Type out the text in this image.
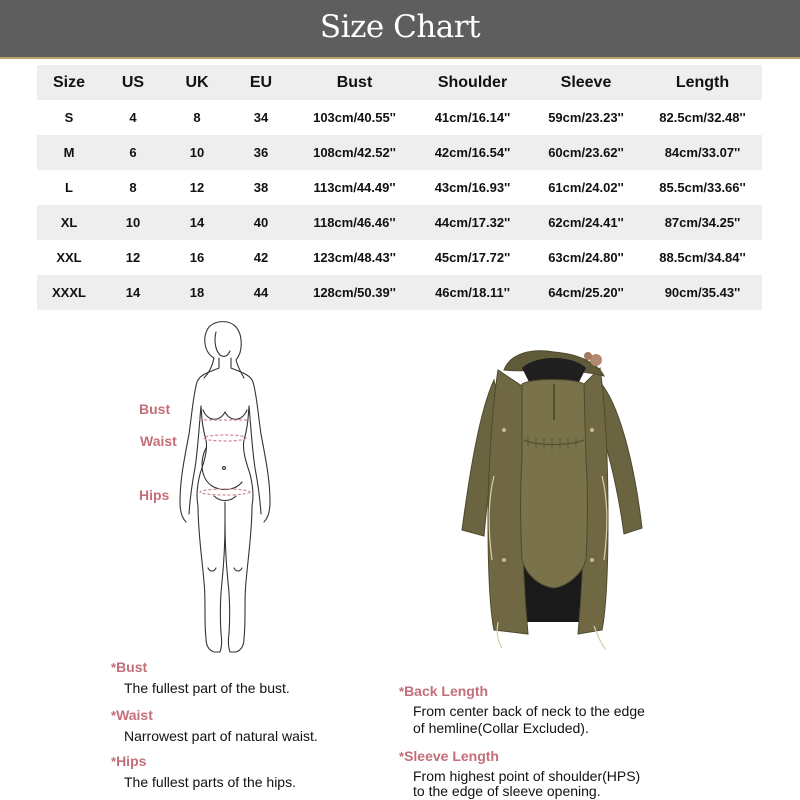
Size Chart
Size	US	UK	EU	Bust	Shoulder	Sleeve	Length
S	4	8	34	103cm/40.55''	41cm/16.14''	59cm/23.23''	82.5cm/32.48''
M	6	10	36	108cm/42.52''	42cm/16.54''	60cm/23.62''	84cm/33.07''
L	8	12	38	113cm/44.49''	43cm/16.93''	61cm/24.02''	85.5cm/33.66''
XL	10	14	40	118cm/46.46''	44cm/17.32''	62cm/24.41''	87cm/34.25''
XXL	12	16	42	123cm/48.43''	45cm/17.72''	63cm/24.80''	88.5cm/34.84''
XXXL	14	18	44	128cm/50.39''	46cm/18.11''	64cm/25.20''	90cm/35.43''
Bust
Waist
Hips
*Bust
The fullest part of the bust.
*Waist
Narrowest part of natural waist.
*Hips
The fullest parts of the hips.
*Back Length
From center back of neck to the edge
of hemline(Collar Excluded).
*Sleeve Length
From highest point of shoulder(HPS)
to the edge of sleeve opening.
